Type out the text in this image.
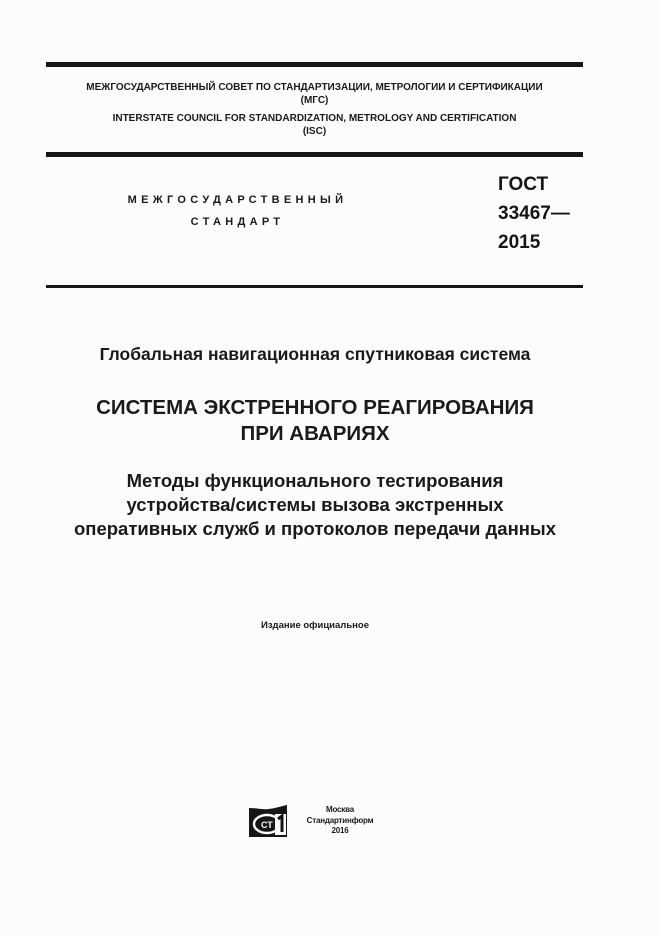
МЕЖГОСУДАРСТВЕННЫЙ СОВЕТ ПО СТАНДАРТИЗАЦИИ, МЕТРОЛОГИИ И СЕРТИФИКАЦИИ
(МГС)
INTERSTATE COUNCIL FOR STANDARDIZATION, METROLOGY AND CERTIFICATION
(ISC)
МЕЖГОСУДАРСТВЕННЫЙ
СТАНДАРТ
ГОСТ
33467—
2015
Глобальная навигационная спутниковая система
СИСТЕМА ЭКСТРЕННОГО РЕАГИРОВАНИЯ
ПРИ АВАРИЯХ
Методы функционального тестирования
устройства/системы вызова экстренных
оперативных служб и протоколов передачи данных
Издание официальное
СТ
Москва
Стандартинформ
2016
